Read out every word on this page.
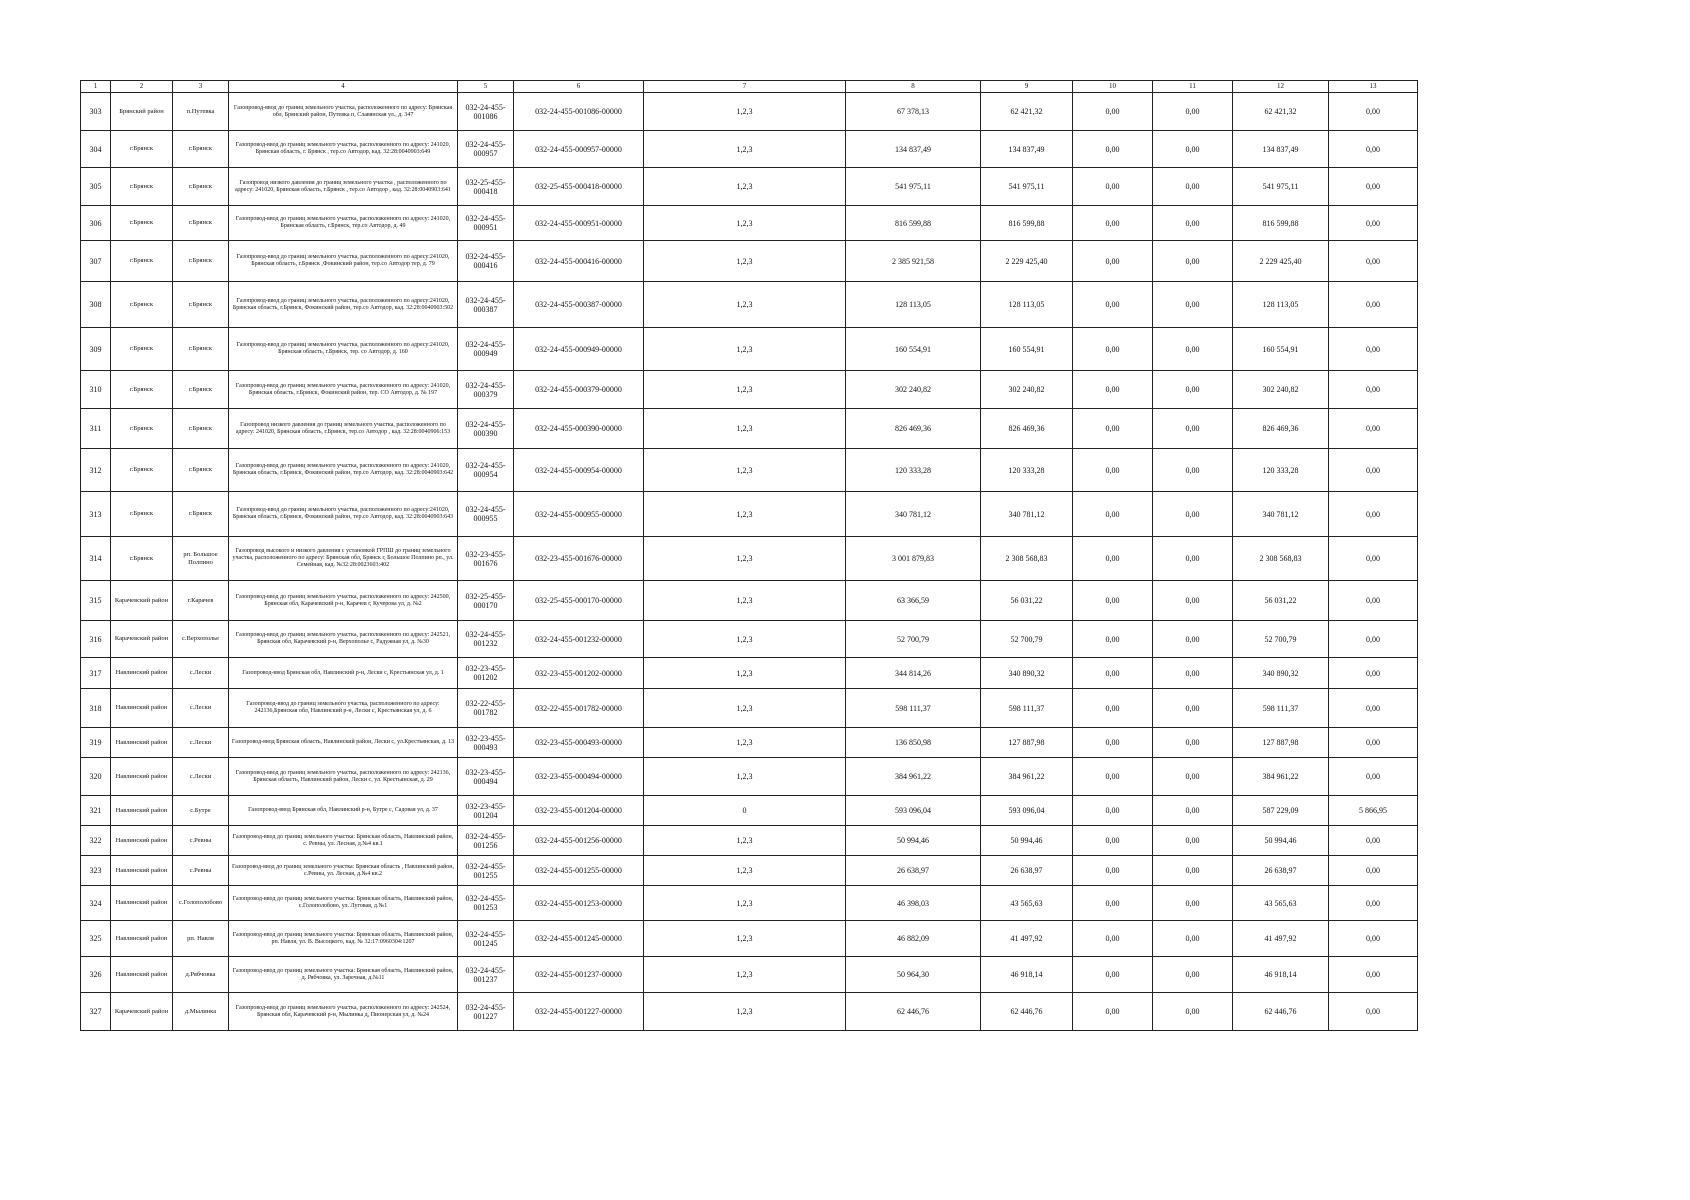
1	2	3	4	5	6	7	8	9	10	11	12	13
303	Брянский район	п.Путевка	Газопровод-ввод до границ земельного участка, расположенного по адресу: Брянская обл, Брянский район, Путевка п, Славянская ул., д. 347	032-24-455-001086	032-24-455-001086-00000	1,2,3	67 378,13	62 421,32	0,00	0,00	62 421,32	0,00
304	г.Брянск	г.Брянск	Газопровод-ввод до границ земельного участка, расположенного по адресу: 241020, Брянская область, г. Брянск , тер.со Автодор, кад. 32:28:0040903:649	032-24-455-000957	032-24-455-000957-00000	1,2,3	134 837,49	134 837,49	0,00	0,00	134 837,49	0,00
305	г.Брянск	г.Брянск	Газопровод низкого давления до границ земельного участка , расположенного по адресу: 241020, Брянская область, г.Брянск , тер.со Автодор , кад. 32:28:0040903:641	032-25-455-000418	032-25-455-000418-00000	1,2,3	541 975,11	541 975,11	0,00	0,00	541 975,11	0,00
306	г.Брянск	г.Брянск	Газопровод-ввод до границ земельного участка, расположенного по адресу: 241020, Брянская область, г.Брянск, тер.со Автодор, д. 49	032-24-455-000951	032-24-455-000951-00000	1,2,3	816 599,88	816 599,88	0,00	0,00	816 599,88	0,00
307	г.Брянск	г.Брянск	Газопровод-ввод до границ земельного участка, расположенного по адресу:241020, Брянская область, г.Брянск ,Фокинский район, тер.со Автодор тер, д. 79	032-24-455-000416	032-24-455-000416-00000	1,2,3	2 385 921,58	2 229 425,40	0,00	0,00	2 229 425,40	0,00
308	г.Брянск	г.Брянск	Газопровод-ввод до границ земельного участка, расположенного по адресу:241020, Брянская область, г.Брянск, Фокинский район, тер.со Автодор, кад. 32:28:0040903:502	032-24-455-000387	032-24-455-000387-00000	1,2,3	128 113,05	128 113,05	0,00	0,00	128 113,05	0,00
309	г.Брянск	г.Брянск	Газопровод-ввод до границ земельного участка, расположенного по адресу:241020, Брянская область, г.Брянск, тер. со Автодор, д. 160	032-24-455-000949	032-24-455-000949-00000	1,2,3	160 554,91	160 554,91	0,00	0,00	160 554,91	0,00
310	г.Брянск	г.Брянск	Газопровод-ввод до границ земельного участка, расположенного по адресу: 241020, Брянская область, г.Брянск, Фокинский район, тер. СО Автодор, д. № 197	032-24-455-000379	032-24-455-000379-00000	1,2,3	302 240,82	302 240,82	0,00	0,00	302 240,82	0,00
311	г.Брянск	г.Брянск	Газопровод низкого давления до границ земельного участка, расположенного по адресу: 241020, Брянская область, г.Брянск, тер.со Автодор , кад. 32:28:0040906:153	032-24-455-000390	032-24-455-000390-00000	1,2,3	826 469,36	826 469,36	0,00	0,00	826 469,36	0,00
312	г.Брянск	г.Брянск	Газопровод-ввод до границ земельного участка, расположенного по адресу: 241020, Брянская область, г.Брянск, Фокинский район, тер.со Автодор, кад. 32:28:0040903:642	032-24-455-000954	032-24-455-000954-00000	1,2,3	120 333,28	120 333,28	0,00	0,00	120 333,28	0,00
313	г.Брянск	г.Брянск	Газопровод-ввод до границ земельного участка, расположенного по адресу:241020, Брянская область, г.Брянск, Фокинский район, тер.со Автодор, кад. 32:28:0040903:643	032-24-455-000955	032-24-455-000955-00000	1,2,3	340 781,12	340 781,12	0,00	0,00	340 781,12	0,00
314	г.Брянск	рп. Большое Полпино	Газопровод высокого и низкого давления с установкой ГРПШ до границ земельного участка, расположенного по адресу: Брянская обл, Брянск г, Большое Полпино рп., ул. Семейная, кад. №32:28:0023603:402	032-23-455-001676	032-23-455-001676-00000	1,2,3	3 001 879,83	2 308 568,83	0,00	0,00	2 308 568,83	0,00
315	Карачевский район	г.Карачев	Газопровод-ввод до границ земельного участка, расположенного по адресу: 242500, Брянская обл, Карачевский р-н, Карачев г, Кучерова ул, д. №2	032-25-455-000170	032-25-455-000170-00000	1,2,3	63 366,59	56 031,22	0,00	0,00	56 031,22	0,00
316	Карачевский район	с.Верхополье	Газопровод-ввод до границ земельного участка, расположенного по адресу: 242521, Брянская обл, Карачевский р-н, Верхополье с, Радужная ул, д. №30	032-24-455-001232	032-24-455-001232-00000	1,2,3	52 700,79	52 700,79	0,00	0,00	52 700,79	0,00
317	Навлинский район	с.Лески	Газопровод-ввод Брянская обл, Навлинский р-н, Лески с, Крестьянская ул, д. 1	032-23-455-001202	032-23-455-001202-00000	1,2,3	344 814,26	340 890,32	0,00	0,00	340 890,32	0,00
318	Навлинский район	с.Лески	Газопровод-ввод до границ земельного участка, расположенного по адресу: 242136,Брянская обл, Навлинский р-н, Лески с, Крестьянская ул, д. 6	032-22-455-001782	032-22-455-001782-00000	1,2,3	598 111,37	598 111,37	0,00	0,00	598 111,37	0,00
319	Навлинский район	с.Лески	Газопровод-ввод Брянская область, Навлинский район, Лески с, ул.Крестьянская, д. 13	032-23-455-000493	032-23-455-000493-00000	1,2,3	136 850,98	127 887,98	0,00	0,00	127 887,98	0,00
320	Навлинский район	с.Лески	Газопровод-ввод до границ земельного участка, расположенного по адресу: 242136, Брянская область, Навлинский район, Лески с, ул. Крестьянская, д. 29	032-23-455-000494	032-23-455-000494-00000	1,2,3	384 961,22	384 961,22	0,00	0,00	384 961,22	0,00
321	Навлинский район	с.Бутре	Газопровод-ввод Брянская обл, Навлинский р-н, Бутре с, Садовая ул, д. 37	032-23-455-001204	032-23-455-001204-00000	0	593 096,04	593 096,04	0,00	0,00	587 229,09	5 866,95
322	Навлинский район	с.Ревны	Газопровод-ввод до границ земельного участка: Брянская область, Навлинский район, с. Ревны, ул. Лесная, д.№4 кв.1	032-24-455-001256	032-24-455-001256-00000	1,2,3	50 994,46	50 994,46	0,00	0,00	50 994,46	0,00
323	Навлинский район	с.Ревны	Газопровод-ввод до границ земельного участка: Брянская область , Навлинский район, с.Ревны, ул. Лесная, д.№4 кв.2	032-24-455-001255	032-24-455-001255-00000	1,2,3	26 638,97	26 638,97	0,00	0,00	26 638,97	0,00
324	Навлинский район	с.Голополобово	Газопровод-ввод до границ земельного участка: Брянская область, Навлинский район, с.Голополобово, ул. Луговая, д.№1	032-24-455-001253	032-24-455-001253-00000	1,2,3	46 398,03	43 565,63	0,00	0,00	43 565,63	0,00
325	Навлинский район	рп. Навля	Газопровод-ввод до границ земельного участка: Брянская область, Навлинский район, рп. Навля, ул. В. Высоцкого, кад. № 32:17:0960304:1207	032-24-455-001245	032-24-455-001245-00000	1,2,3	46 882,09	41 497,92	0,00	0,00	41 497,92	0,00
326	Навлинский район	д.Рябчовка	Газопровод-ввод до границ земельного участка: Брянская область, Навлинский район, д. Рябчовка, ул. Заречная, д.№11	032-24-455-001237	032-24-455-001237-00000	1,2,3	50 964,30	46 918,14	0,00	0,00	46 918,14	0,00
327	Карачевский район	д.Мылинка	Газопровод-ввод до границ земельного участка, расположенного по адресу: 242524, Брянская обл, Карачевский р-н, Мылинка д, Пионерская ул, д. №24	032-24-455-001227	032-24-455-001227-00000	1,2,3	62 446,76	62 446,76	0,00	0,00	62 446,76	0,00
